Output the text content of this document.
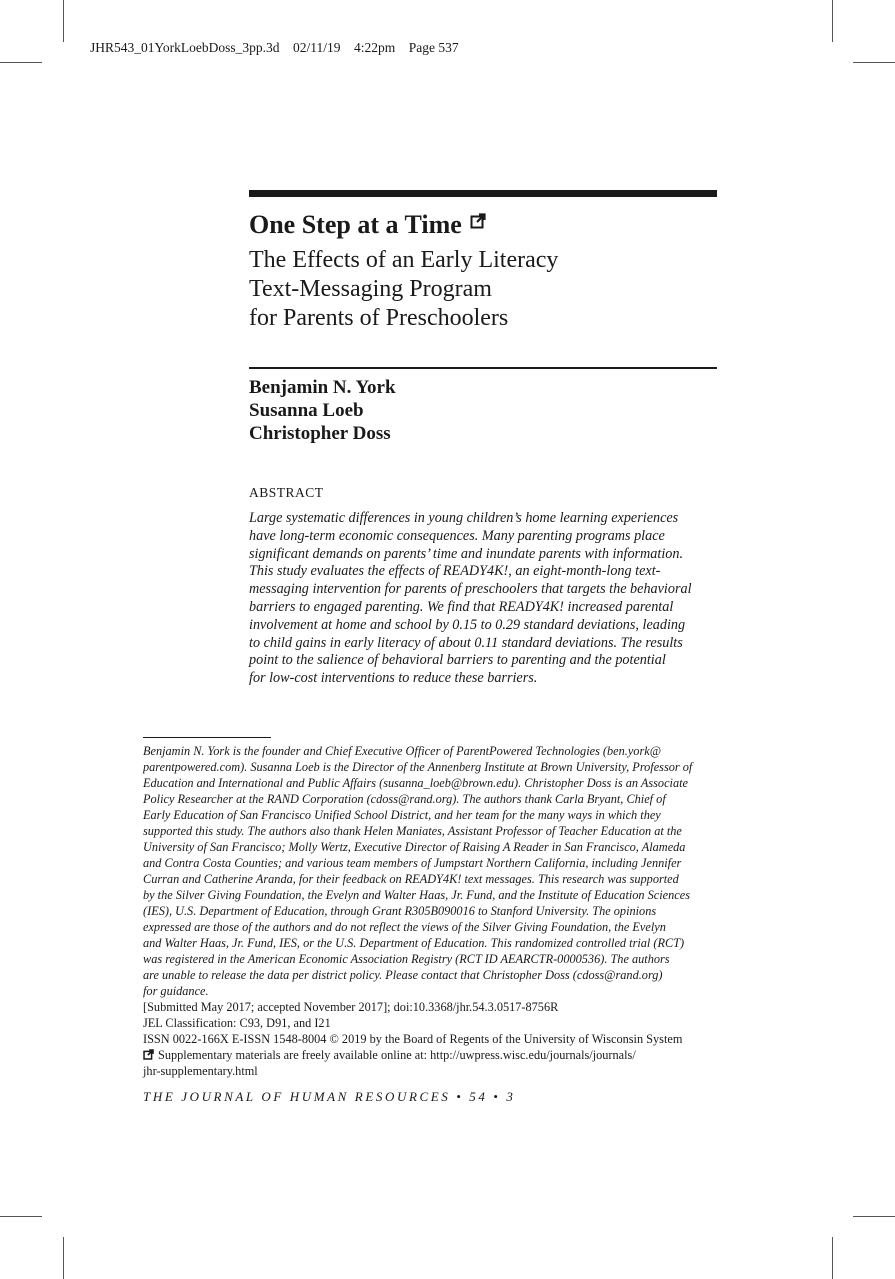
JHR543_01YorkLoebDoss_3pp.3d    02/11/19    4:22pm    Page 537
One Step at a Time
The Effects of an Early Literacy
Text-Messaging Program
for Parents of Preschoolers
Benjamin N. York
Susanna Loeb
Christopher Doss
ABSTRACT
Large systematic differences in young children’s home learning experiences
have long-term economic consequences. Many parenting programs place
significant demands on parents’ time and inundate parents with information.
This study evaluates the effects of READY4K!, an eight-month-long text-
messaging intervention for parents of preschoolers that targets the behavioral
barriers to engaged parenting. We find that READY4K! increased parental
involvement at home and school by 0.15 to 0.29 standard deviations, leading
to child gains in early literacy of about 0.11 standard deviations. The results
point to the salience of behavioral barriers to parenting and the potential
for low-cost interventions to reduce these barriers.
Benjamin N. York is the founder and Chief Executive Officer of ParentPowered Technologies (ben.york@
parentpowered.com). Susanna Loeb is the Director of the Annenberg Institute at Brown University, Professor of
Education and International and Public Affairs (susanna_loeb@brown.edu). Christopher Doss is an Associate
Policy Researcher at the RAND Corporation (cdoss@rand.org). The authors thank Carla Bryant, Chief of
Early Education of San Francisco Unified School District, and her team for the many ways in which they
supported this study. The authors also thank Helen Maniates, Assistant Professor of Teacher Education at the
University of San Francisco; Molly Wertz, Executive Director of Raising A Reader in San Francisco, Alameda
and Contra Costa Counties; and various team members of Jumpstart Northern California, including Jennifer
Curran and Catherine Aranda, for their feedback on READY4K! text messages. This research was supported
by the Silver Giving Foundation, the Evelyn and Walter Haas, Jr. Fund, and the Institute of Education Sciences
(IES), U.S. Department of Education, through Grant R305B090016 to Stanford University. The opinions
expressed are those of the authors and do not reflect the views of the Silver Giving Foundation, the Evelyn
and Walter Haas, Jr. Fund, IES, or the U.S. Department of Education. This randomized controlled trial (RCT)
was registered in the American Economic Association Registry (RCT ID AEARCTR-0000536). The authors
are unable to release the data per district policy. Please contact that Christopher Doss (cdoss@rand.org)
for guidance.
[Submitted May 2017; accepted November 2017]; doi:10.3368/jhr.54.3.0517-8756R
JEL Classification: C93, D91, and I21
ISSN 0022-166X E-ISSN 1548-8004 © 2019 by the Board of Regents of the University of Wisconsin System
Supplementary materials are freely available online at: http://uwpress.wisc.edu/journals/journals/
jhr-supplementary.html
THE JOURNAL OF HUMAN RESOURCES • 54 • 3
